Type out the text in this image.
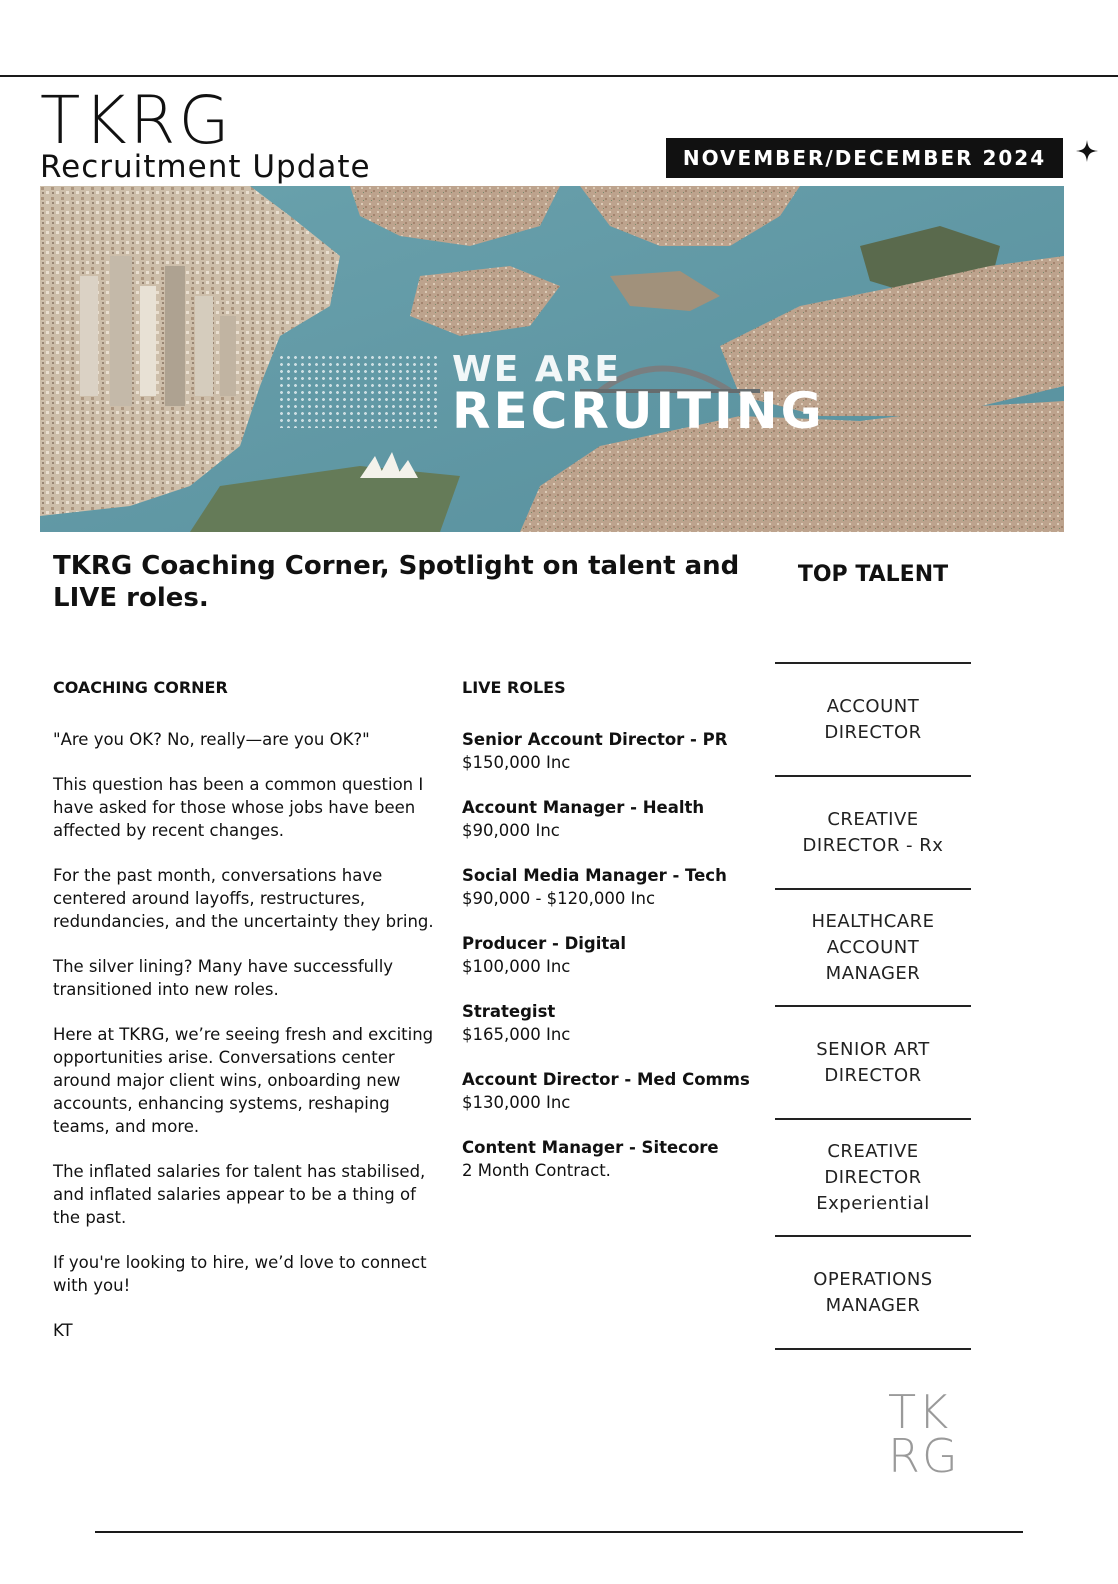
TKRG
Recruitment Update	NOVEMBER/DECEMBER 2024
WE ARE
RECRUITING
TKRG Coaching Corner, Spotlight on talent and LIVE roles.
COACHING CORNER

"Are you OK? No, really—are you OK?"

This question has been a common question I have asked for those whose jobs have been affected by recent changes.

For the past month, conversations have centered around layoffs, restructures, redundancies, and the uncertainty they bring.

The silver lining? Many have successfully transitioned into new roles.

Here at TKRG, we’re seeing fresh and exciting opportunities arise. Conversations center around major client wins, onboarding new accounts, enhancing systems, reshaping teams, and more.

The inflated salaries for talent has stabilised, and inflated salaries appear to be a thing of the past.

If you're looking to hire, we’d love to connect with you!

KT

LIVE ROLES
Senior Account Director - PR
$150,000 Inc
Account Manager - Health
$90,000 Inc
Social Media Manager - Tech
$90,000 - $120,000 Inc
Producer - Digital
$100,000 Inc
Strategist
$165,000 Inc
Account Director - Med Comms
$130,000 Inc
Content Manager - Sitecore
2 Month Contract.
TOP TALENT
ACCOUNT
DIRECTOR
CREATIVE
DIRECTOR - Rx
HEALTHCARE
ACCOUNT
MANAGER
SENIOR ART
DIRECTOR
CREATIVE
DIRECTOR
Experiential
OPERATIONS
MANAGER
TK
RG
